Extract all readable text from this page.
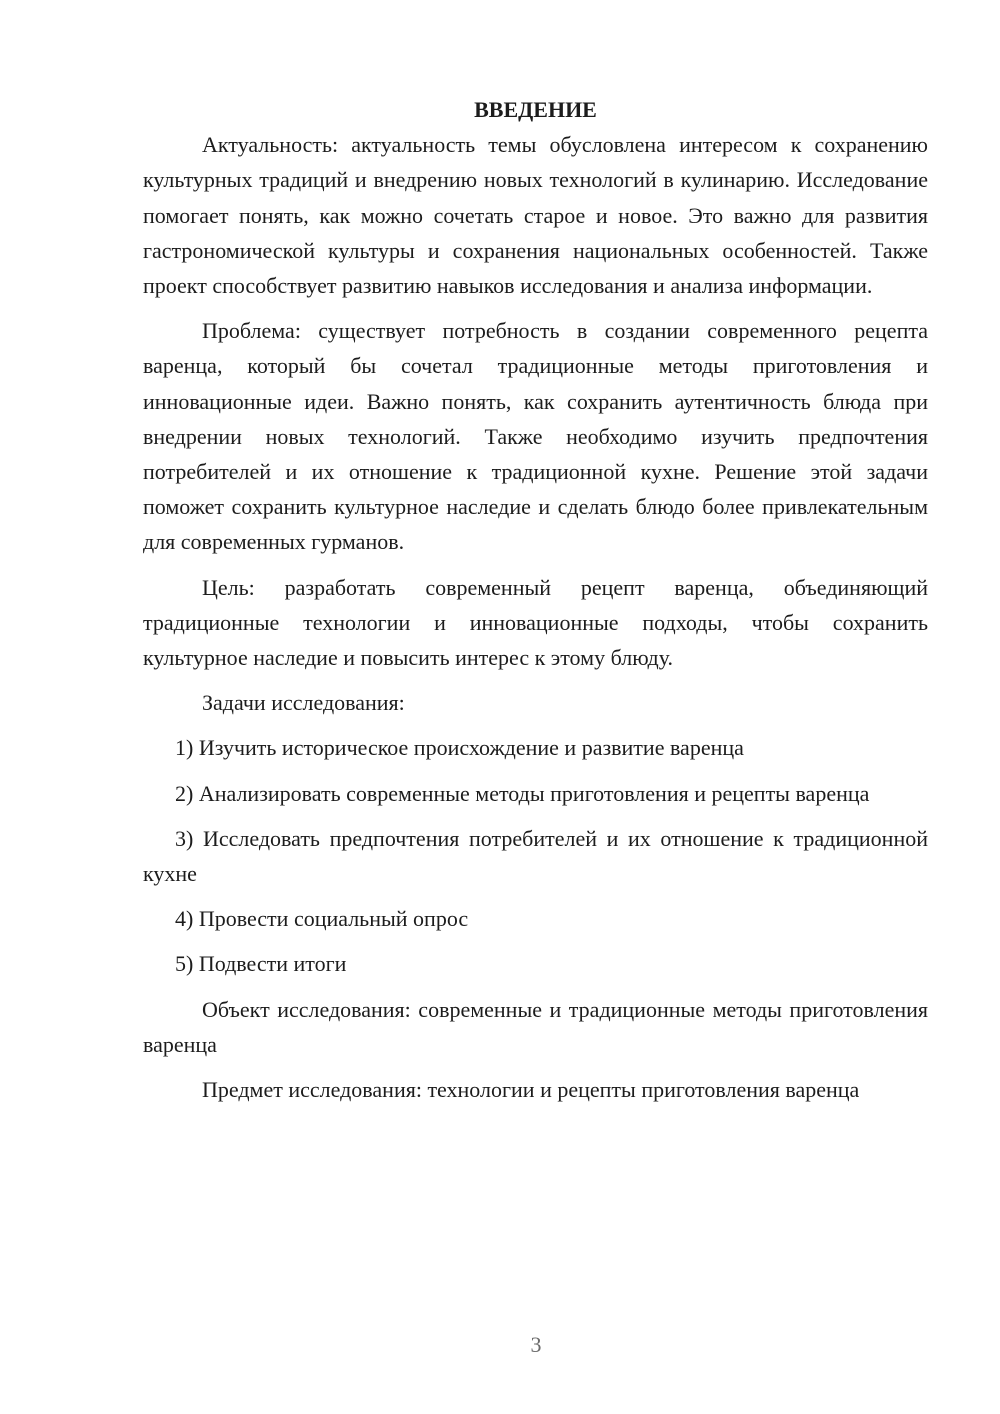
ВВЕДЕНИЕ

Актуальность: актуальность темы обусловлена интересом к сохранению культурных традиций и внедрению новых технологий в кулинарию. Исследование помогает понять, как можно сочетать старое и новое. Это важно для развития гастрономической культуры и сохранения национальных особенностей. Также проект способствует развитию навыков исследования и анализа информации.

Проблема: существует потребность в создании современного рецепта варенца, который бы сочетал традиционные методы приготовления и инновационные идеи. Важно понять, как сохранить аутентичность блюда при внедрении новых технологий. Также необходимо изучить предпочтения потребителей и их отношение к традиционной кухне. Решение этой задачи поможет сохранить культурное наследие и сделать блюдо более привлекательным для современных гурманов.

Цель: разработать современный рецепт варенца, объединяющий традиционные технологии и инновационные подходы, чтобы сохранить культурное наследие и повысить интерес к этому блюду.

Задачи исследования:

1) Изучить историческое происхождение и развитие варенца

2) Анализировать современные методы приготовления и рецепты варенца

3) Исследовать предпочтения потребителей и их отношение к традиционной кухне

4) Провести социальный опрос

5) Подвести итоги

Объект исследования: современные и традиционные методы приготовления варенца

Предмет исследования: технологии и рецепты приготовления варенца

3
